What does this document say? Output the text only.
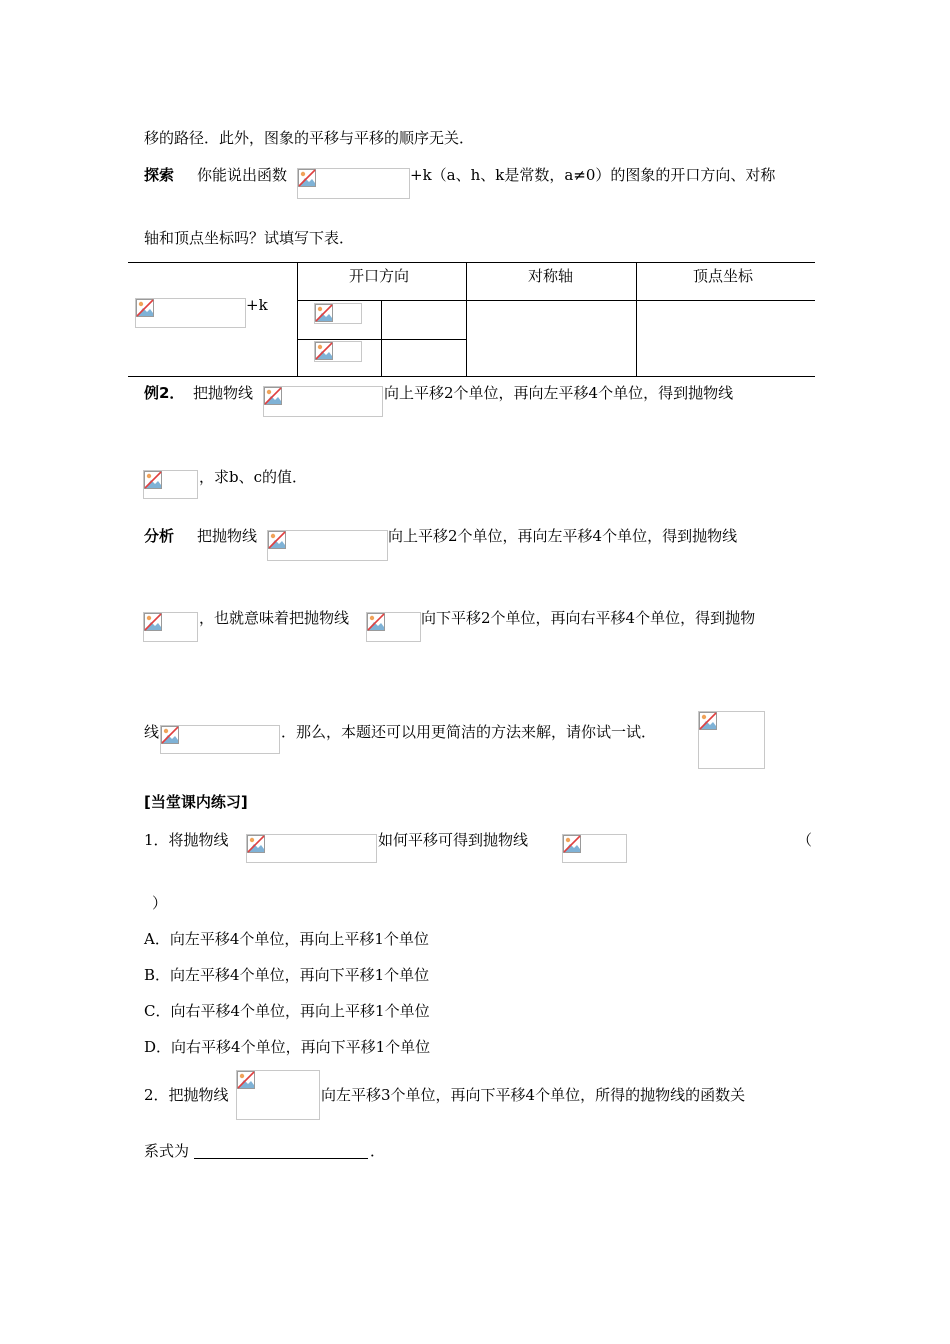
移的路径．此外，图象的平移与平移的顺序无关．
探索 你能说出函数	+k（a、h、k是常数，a≠0）的图象的开口方向、对称
轴和顶点坐标吗？试填写下表．
+k
开口方向	对称轴	顶点坐标
例2． 把抛物线	向上平移2个单位，再向左平移4个单位，得到抛物线
，求b、c的值．
分析 把抛物线	向上平移2个单位，再向左平移4个单位，得到抛物线
，也就意味着把抛物线	向下平移2个单位，再向右平移4个单位，得到抛物
线	．那么，本题还可以用更简洁的方法来解，请你试一试．
[当堂课内练习]
1．将抛物线	如何平移可得到抛物线	（
）
A．向左平移4个单位，再向上平移1个单位
B．向左平移4个单位，再向下平移1个单位
C．向右平移4个单位，再向上平移1个单位
D．向右平移4个单位，再向下平移1个单位
2．把抛物线	向左平移3个单位，再向下平移4个单位，所得的抛物线的函数关
系式为	．
